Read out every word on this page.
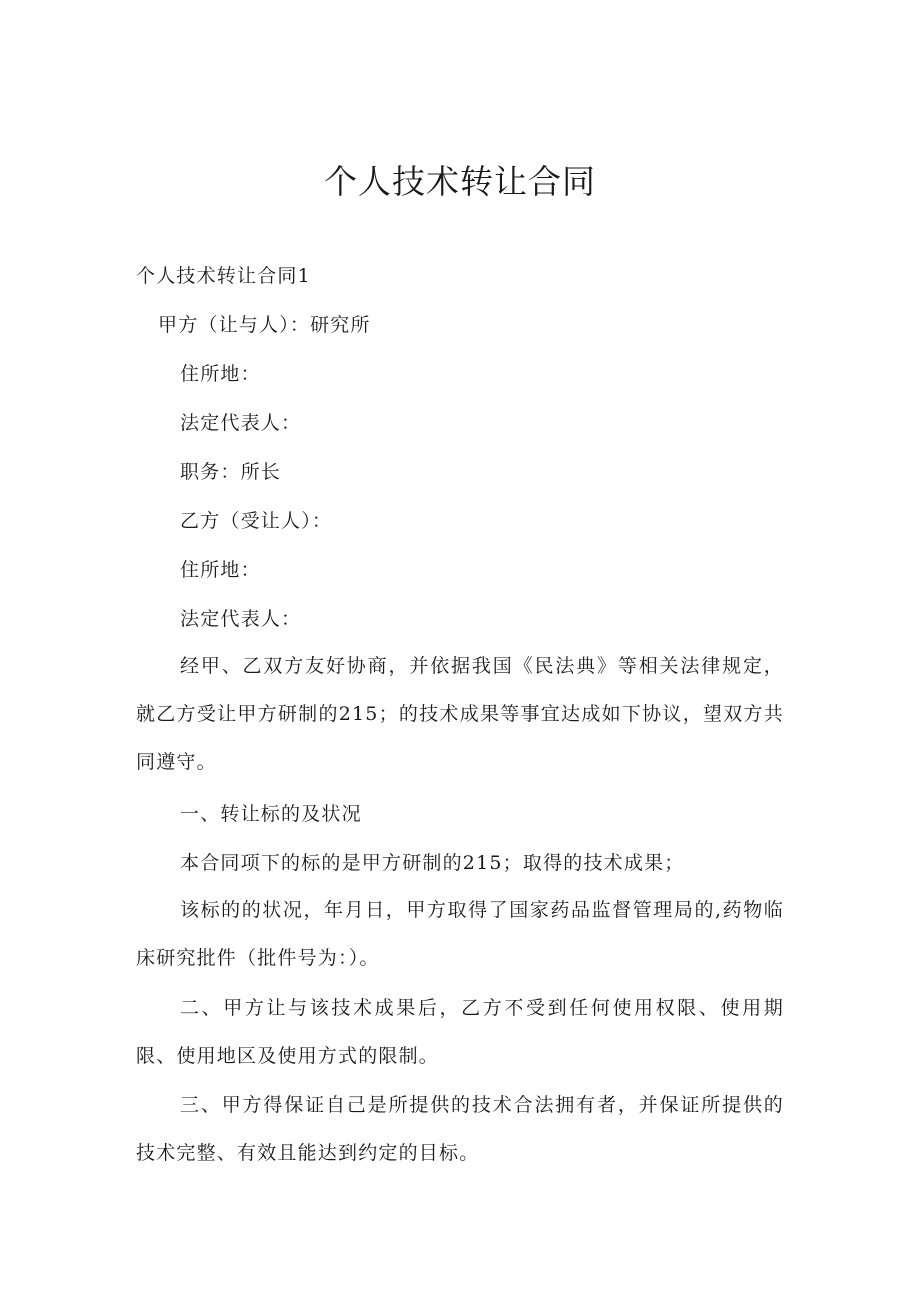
个人技术转让合同

个人技术转让合同1

甲方（让与人）：研究所

住所地：

法定代表人：

职务：所长

乙方（受让人）：

住所地：

法定代表人：

经甲、乙双方友好协商，并依据我国《民法典》等相关法律规定，就乙方受让甲方研制的215；的技术成果等事宜达成如下协议，望双方共同遵守。

一、转让标的及状况

本合同项下的标的是甲方研制的215；取得的技术成果；

该标的的状况，年月日，甲方取得了国家药品监督管理局的,药物临床研究批件（批件号为：）。

二、甲方让与该技术成果后，乙方不受到任何使用权限、使用期限、使用地区及使用方式的限制。

三、甲方得保证自己是所提供的技术合法拥有者，并保证所提供的技术完整、有效且能达到约定的目标。
